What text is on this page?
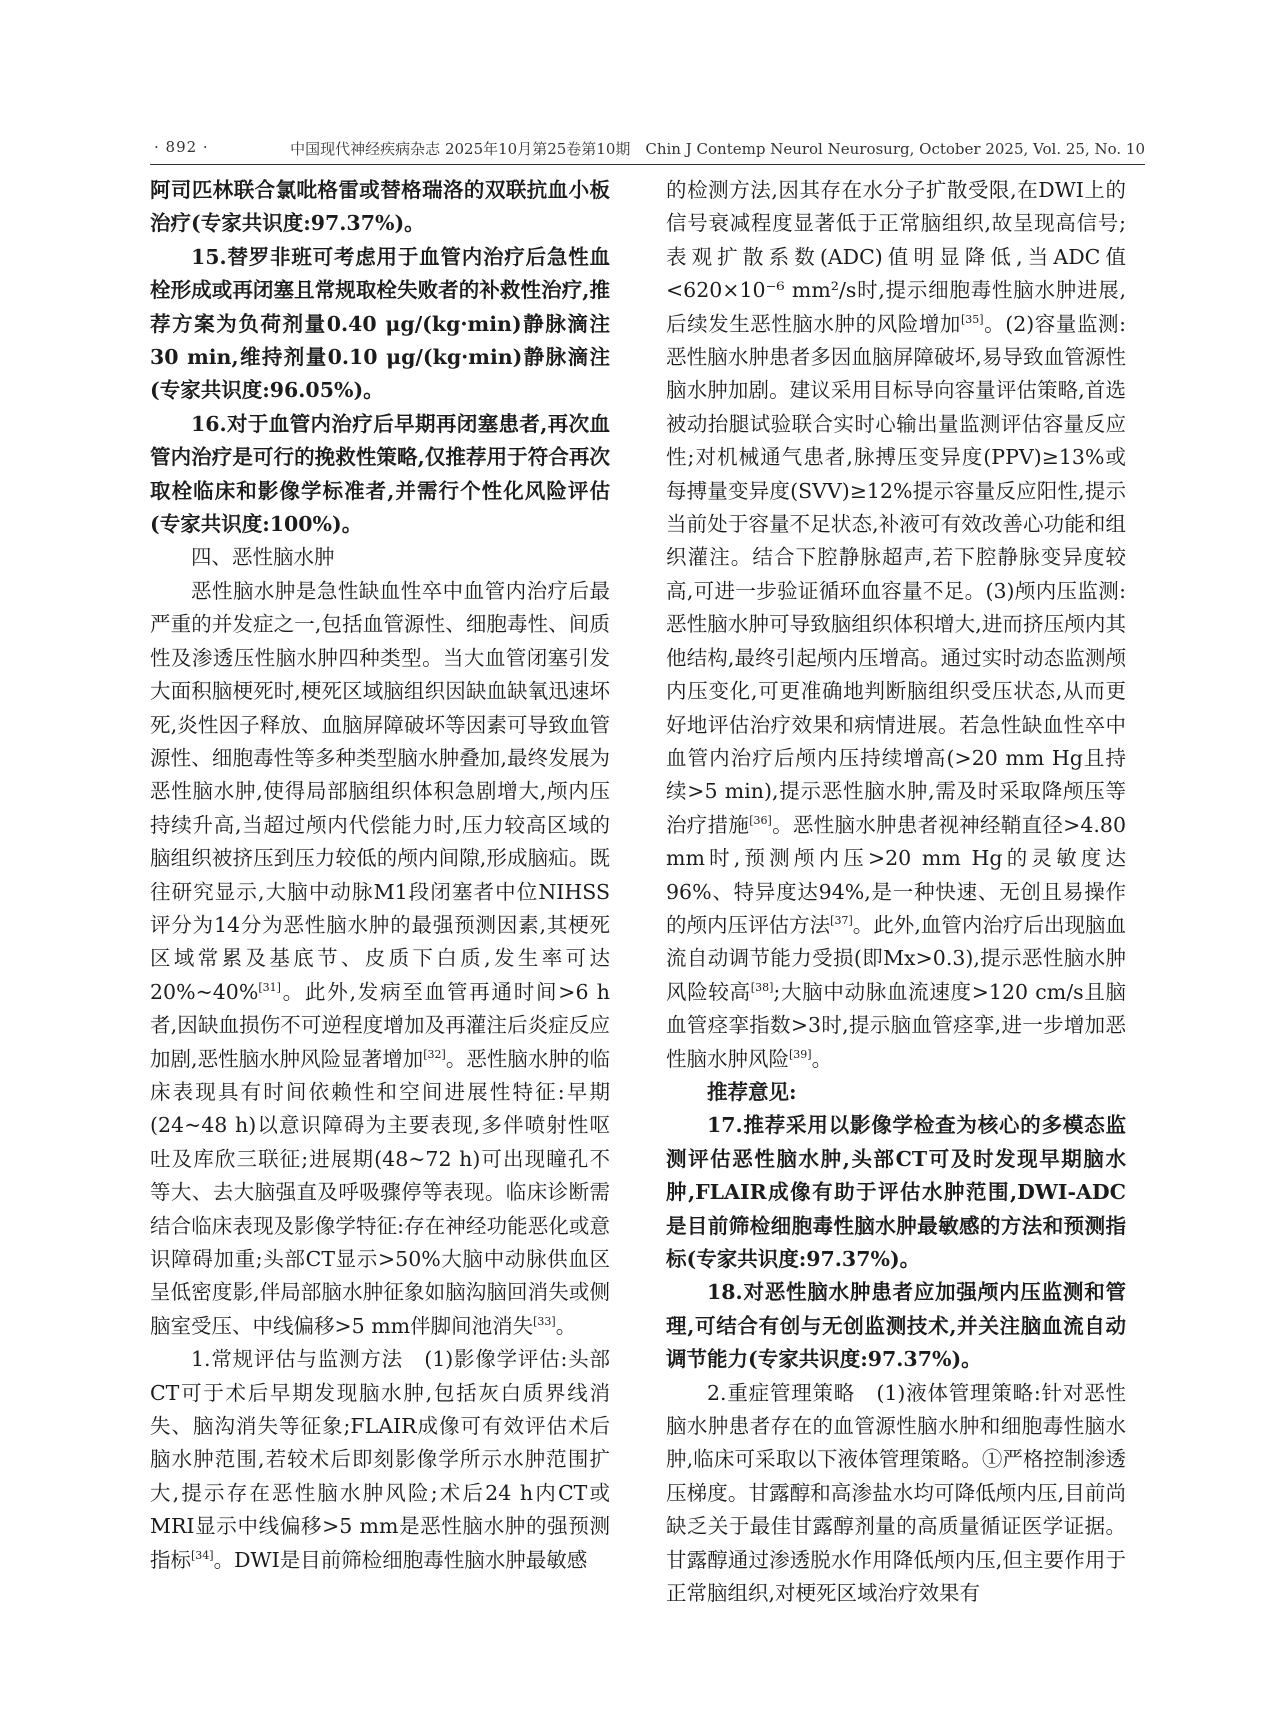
· 892 ·	中国现代神经疾病杂志 2025年10月第25卷第10期　Chin J Contemp Neurol Neurosurg, October 2025, Vol. 25, No. 10

阿司匹林联合氯吡格雷或替格瑞洛的双联抗血小板治疗(专家共识度:97.37%)。

15.替罗非班可考虑用于血管内治疗后急性血栓形成或再闭塞且常规取栓失败者的补救性治疗,推荐方案为负荷剂量0.40 μg/(kg·min)静脉滴注30 min,维持剂量0.10 μg/(kg·min)静脉滴注(专家共识度:96.05%)。

16.对于血管内治疗后早期再闭塞患者,再次血管内治疗是可行的挽救性策略,仅推荐用于符合再次取栓临床和影像学标准者,并需行个性化风险评估(专家共识度:100%)。

四、恶性脑水肿

恶性脑水肿是急性缺血性卒中血管内治疗后最严重的并发症之一,包括血管源性、细胞毒性、间质性及渗透压性脑水肿四种类型。当大血管闭塞引发大面积脑梗死时,梗死区域脑组织因缺血缺氧迅速坏死,炎性因子释放、血脑屏障破坏等因素可导致血管源性、细胞毒性等多种类型脑水肿叠加,最终发展为恶性脑水肿,使得局部脑组织体积急剧增大,颅内压持续升高,当超过颅内代偿能力时,压力较高区域的脑组织被挤压到压力较低的颅内间隙,形成脑疝。既往研究显示,大脑中动脉M1段闭塞者中位NIHSS评分为14分为恶性脑水肿的最强预测因素,其梗死区域常累及基底节、皮质下白质,发生率可达20%~40%[31]。此外,发病至血管再通时间>6 h者,因缺血损伤不可逆程度增加及再灌注后炎症反应加剧,恶性脑水肿风险显著增加[32]。恶性脑水肿的临床表现具有时间依赖性和空间进展性特征:早期(24~48 h)以意识障碍为主要表现,多伴喷射性呕吐及库欣三联征;进展期(48~72 h)可出现瞳孔不等大、去大脑强直及呼吸骤停等表现。临床诊断需结合临床表现及影像学特征:存在神经功能恶化或意识障碍加重;头部CT显示>50%大脑中动脉供血区呈低密度影,伴局部脑水肿征象如脑沟脑回消失或侧脑室受压、中线偏移>5 mm伴脚间池消失[33]。

1.常规评估与监测方法　(1)影像学评估:头部CT可于术后早期发现脑水肿,包括灰白质界线消失、脑沟消失等征象;FLAIR成像可有效评估术后脑水肿范围,若较术后即刻影像学所示水肿范围扩大,提示存在恶性脑水肿风险;术后24 h内CT或MRI显示中线偏移>5 mm是恶性脑水肿的强预测指标[34]。DWI是目前筛检细胞毒性脑水肿最敏感

的检测方法,因其存在水分子扩散受限,在DWI上的信号衰减程度显著低于正常脑组织,故呈现高信号;表观扩散系数(ADC)值明显降低,当ADC值<620×10⁻⁶ mm²/s时,提示细胞毒性脑水肿进展,后续发生恶性脑水肿的风险增加[35]。(2)容量监测:恶性脑水肿患者多因血脑屏障破坏,易导致血管源性脑水肿加剧。建议采用目标导向容量评估策略,首选被动抬腿试验联合实时心输出量监测评估容量反应性;对机械通气患者,脉搏压变异度(PPV)≥13%或每搏量变异度(SVV)≥12%提示容量反应阳性,提示当前处于容量不足状态,补液可有效改善心功能和组织灌注。结合下腔静脉超声,若下腔静脉变异度较高,可进一步验证循环血容量不足。(3)颅内压监测:恶性脑水肿可导致脑组织体积增大,进而挤压颅内其他结构,最终引起颅内压增高。通过实时动态监测颅内压变化,可更准确地判断脑组织受压状态,从而更好地评估治疗效果和病情进展。若急性缺血性卒中血管内治疗后颅内压持续增高(>20 mm Hg且持续>5 min),提示恶性脑水肿,需及时采取降颅压等治疗措施[36]。恶性脑水肿患者视神经鞘直径>4.80 mm时,预测颅内压>20 mm Hg的灵敏度达96%、特异度达94%,是一种快速、无创且易操作的颅内压评估方法[37]。此外,血管内治疗后出现脑血流自动调节能力受损(即Mx>0.3),提示恶性脑水肿风险较高[38];大脑中动脉血流速度>120 cm/s且脑血管痉挛指数>3时,提示脑血管痉挛,进一步增加恶性脑水肿风险[39]。

推荐意见:

17.推荐采用以影像学检查为核心的多模态监测评估恶性脑水肿,头部CT可及时发现早期脑水肿,FLAIR成像有助于评估水肿范围,DWI-ADC是目前筛检细胞毒性脑水肿最敏感的方法和预测指标(专家共识度:97.37%)。

18.对恶性脑水肿患者应加强颅内压监测和管理,可结合有创与无创监测技术,并关注脑血流自动调节能力(专家共识度:97.37%)。

2.重症管理策略　(1)液体管理策略:针对恶性脑水肿患者存在的血管源性脑水肿和细胞毒性脑水肿,临床可采取以下液体管理策略。①严格控制渗透压梯度。甘露醇和高渗盐水均可降低颅内压,目前尚缺乏关于最佳甘露醇剂量的高质量循证医学证据。甘露醇通过渗透脱水作用降低颅内压,但主要作用于正常脑组织,对梗死区域治疗效果有
